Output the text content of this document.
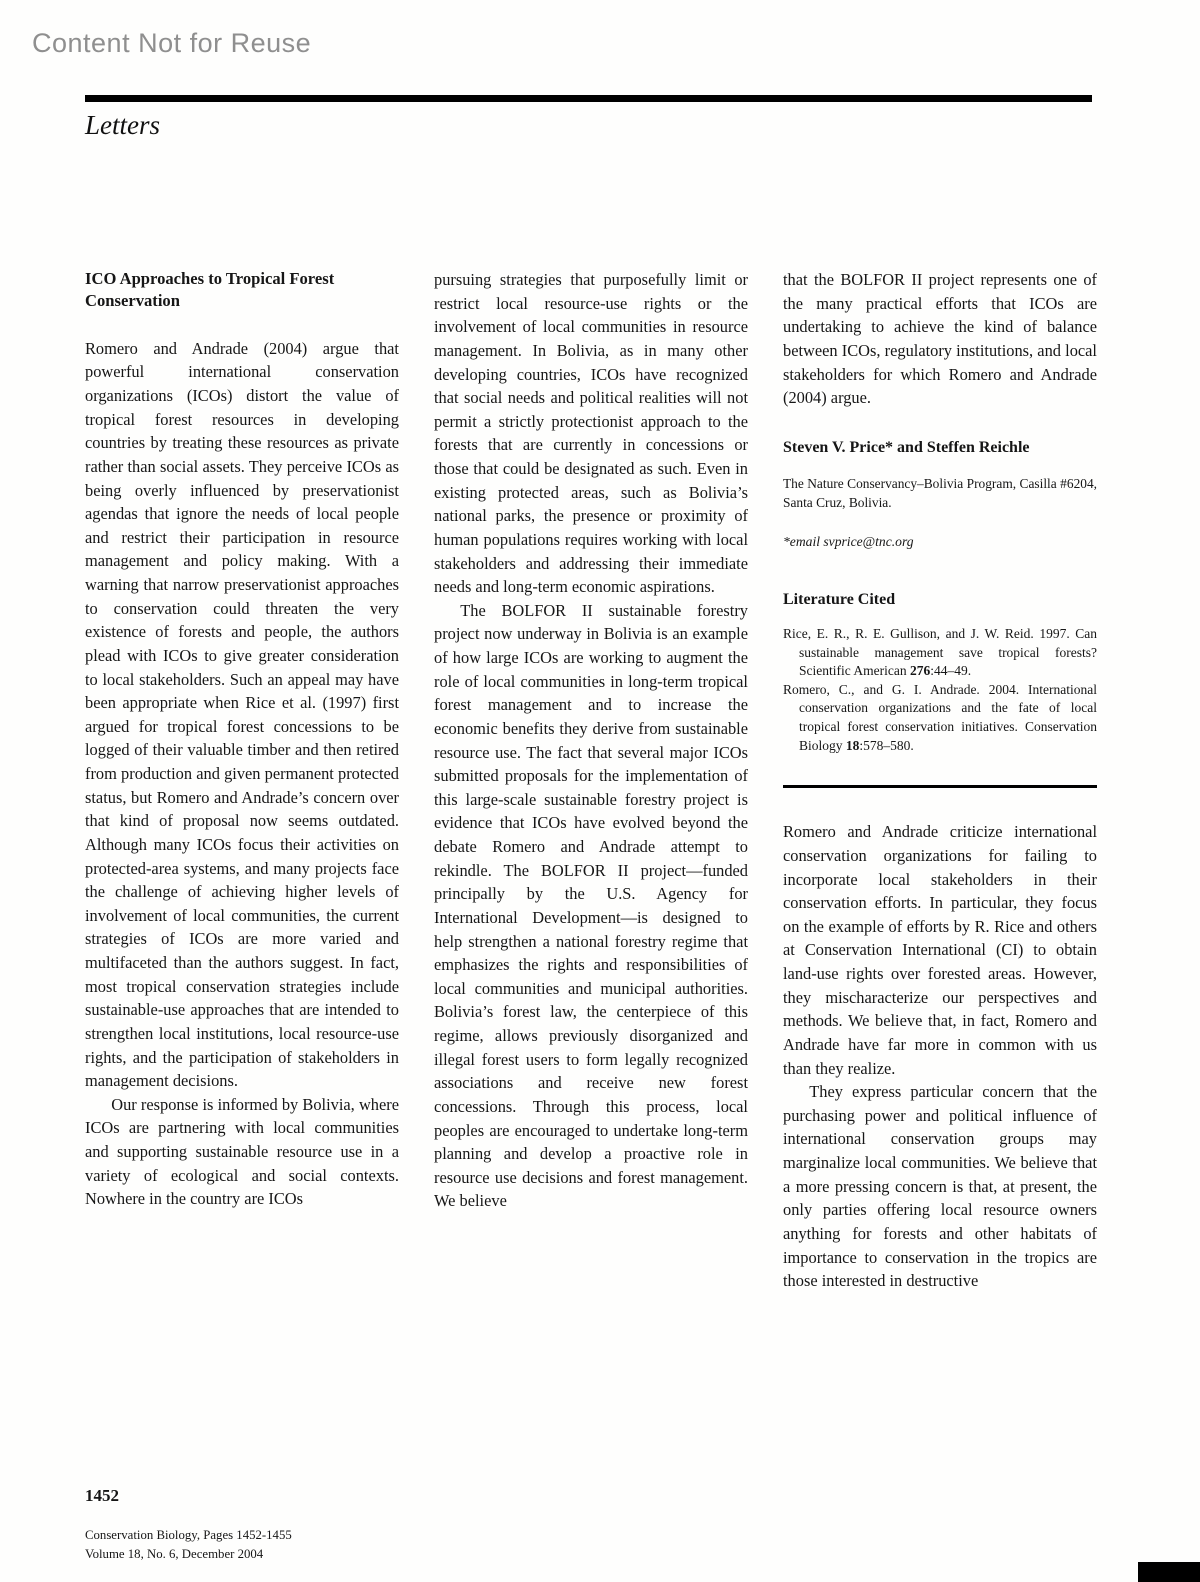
Content Not for Reuse
Letters

ICO Approaches to Tropical Forest Conservation

Romero and Andrade (2004) argue that powerful international conservation organizations (ICOs) distort the value of tropical forest resources in developing countries by treating these resources as private rather than social assets. They perceive ICOs as being overly influenced by preservationist agendas that ignore the needs of local people and restrict their participation in resource management and policy making. With a warning that narrow preservationist approaches to conservation could threaten the very existence of forests and people, the authors plead with ICOs to give greater consideration to local stakeholders. Such an appeal may have been appropriate when Rice et al. (1997) first argued for tropical forest concessions to be logged of their valuable timber and then retired from production and given permanent protected status, but Romero and Andrade’s concern over that kind of proposal now seems outdated. Although many ICOs focus their activities on protected-area systems, and many projects face the challenge of achieving higher levels of involvement of local communities, the current strategies of ICOs are more varied and multifaceted than the authors suggest. In fact, most tropical conservation strategies include sustainable-use approaches that are intended to strengthen local institutions, local resource-use rights, and the participation of stakeholders in management decisions.

Our response is informed by Bolivia, where ICOs are partnering with local communities and supporting sustainable resource use in a variety of ecological and social contexts. Nowhere in the country are ICOs

pursuing strategies that purposefully limit or restrict local resource-use rights or the involvement of local communities in resource management. In Bolivia, as in many other developing countries, ICOs have recognized that social needs and political realities will not permit a strictly protectionist approach to the forests that are currently in concessions or those that could be designated as such. Even in existing protected areas, such as Bolivia’s national parks, the presence or proximity of human populations requires working with local stakeholders and addressing their immediate needs and long-term economic aspirations.

The BOLFOR II sustainable forestry project now underway in Bolivia is an example of how large ICOs are working to augment the role of local communities in long-term tropical forest management and to increase the economic benefits they derive from sustainable resource use. The fact that several major ICOs submitted proposals for the implementation of this large-scale sustainable forestry project is evidence that ICOs have evolved beyond the debate Romero and Andrade attempt to rekindle. The BOLFOR II project—funded principally by the U.S. Agency for International Development—is designed to help strengthen a national forestry regime that emphasizes the rights and responsibilities of local communities and municipal authorities. Bolivia’s forest law, the centerpiece of this regime, allows previously disorganized and illegal forest users to form legally recognized associations and receive new forest concessions. Through this process, local peoples are encouraged to undertake long-term planning and develop a proactive role in resource use decisions and forest management. We believe

that the BOLFOR II project represents one of the many practical efforts that ICOs are undertaking to achieve the kind of balance between ICOs, regulatory institutions, and local stakeholders for which Romero and Andrade (2004) argue.

Steven V. Price* and Steffen Reichle

The Nature Conservancy–Bolivia Program, Casilla #6204, Santa Cruz, Bolivia.

*email svprice@tnc.org

Literature Cited

Rice, E. R., R. E. Gullison, and J. W. Reid. 1997. Can sustainable management save tropical forests? Scientific American 276:44–49.

Romero, C., and G. I. Andrade. 2004. International conservation organizations and the fate of local tropical forest conservation initiatives. Conservation Biology 18:578–580.

Romero and Andrade criticize international conservation organizations for failing to incorporate local stakeholders in their conservation efforts. In particular, they focus on the example of efforts by R. Rice and others at Conservation International (CI) to obtain land-use rights over forested areas. However, they mischaracterize our perspectives and methods. We believe that, in fact, Romero and Andrade have far more in common with us than they realize.

They express particular concern that the purchasing power and political influence of international conservation groups may marginalize local communities. We believe that a more pressing concern is that, at present, the only parties offering local resource owners anything for forests and other habitats of importance to conservation in the tropics are those interested in destructive

1452
Conservation Biology, Pages 1452-1455
Volume 18, No. 6, December 2004
